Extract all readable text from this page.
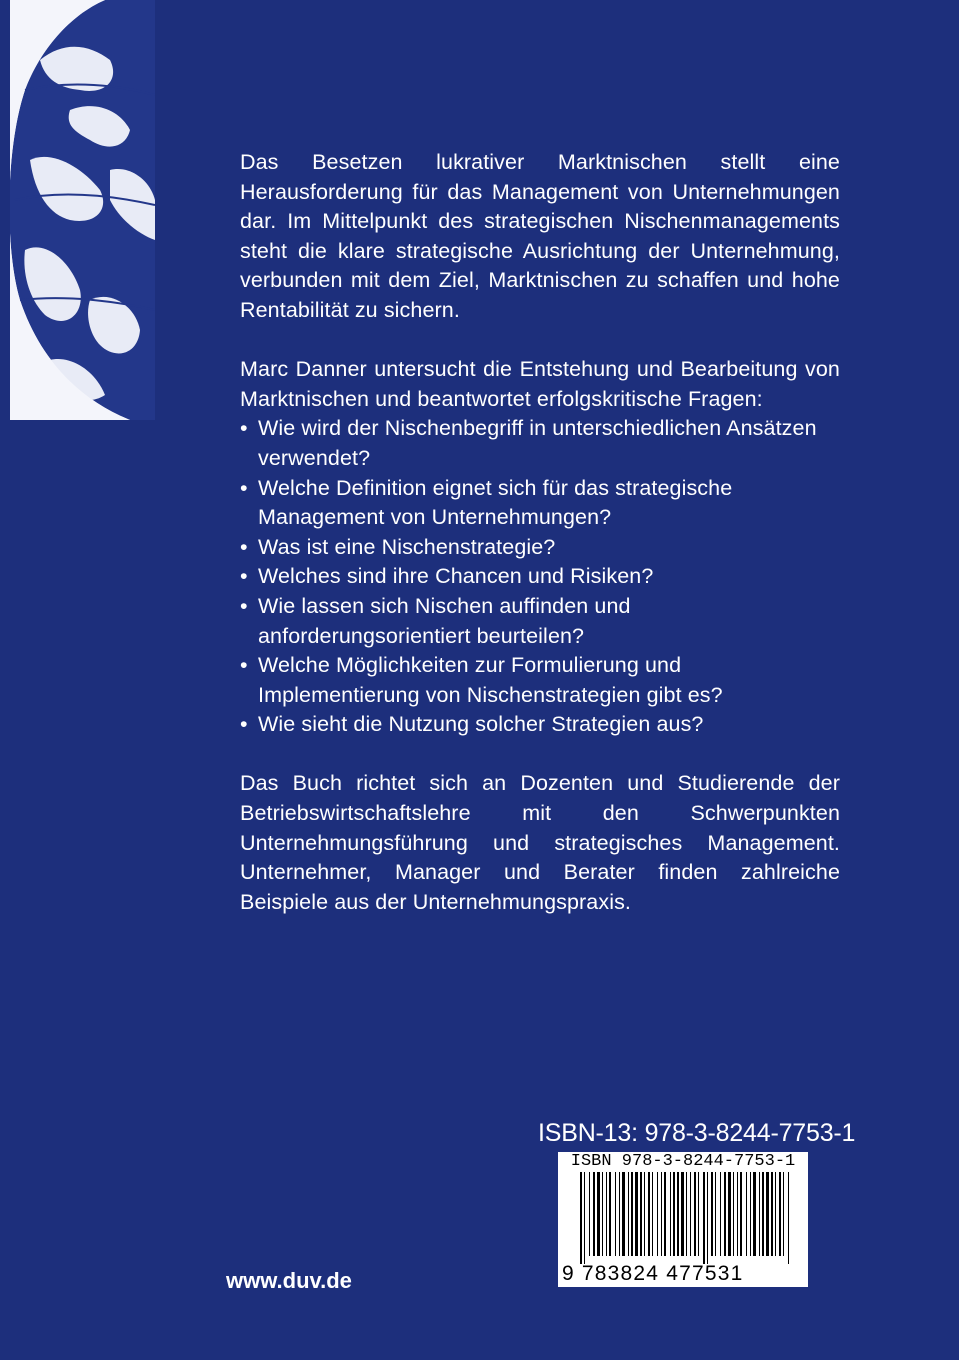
Das Besetzen lukrativer Marktnischen stellt eine Herausforderung für das Management von Unternehmungen dar. Im Mittelpunkt des strategischen Nischenmanagements steht die klare strategische Ausrichtung der Unternehmung, verbunden mit dem Ziel, Marktnischen zu schaffen und hohe Rentabilität zu sichern.

Marc Danner untersucht die Entstehung und Bearbeitung von Marktnischen und beantwortet erfolgskritische Fragen:

• Wie wird der Nischenbegriff in unterschiedlichen Ansätzen verwendet?
• Welche Definition eignet sich für das strategische Management von Unternehmungen?
• Was ist eine Nischenstrategie?
• Welches sind ihre Chancen und Risiken?
• Wie lassen sich Nischen auffinden und anforderungsorientiert beurteilen?
• Welche Möglichkeiten zur Formulierung und Implementierung von Nischenstrategien gibt es?
• Wie sieht die Nutzung solcher Strategien aus?

Das Buch richtet sich an Dozenten und Studierende der Betriebswirtschaftslehre mit den Schwerpunkten Unternehmungsführung und strategisches Management. Unternehmer, Manager und Berater finden zahlreiche Beispiele aus der Unternehmungspraxis.

ISBN-13: 978-3-8244-7753-1
ISBN 978-3-8244-7753-1
9 783824 477531
www.duv.de
